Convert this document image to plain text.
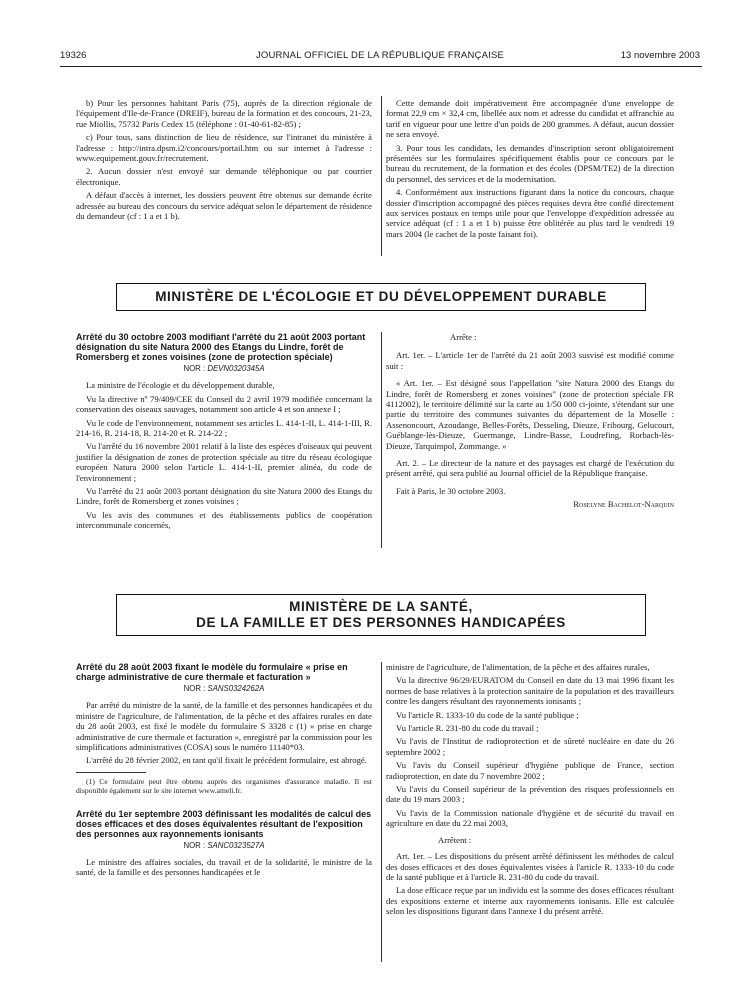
19326	JOURNAL OFFICIEL DE LA RÉPUBLIQUE FRANÇAISE	13 novembre 2003

b) Pour les personnes habitant Paris (75), auprès de la direction régionale de l'équipement d'Ile-de-France (DREIF), bureau de la formation et des concours, 21-23, rue Miollis, 75732 Paris Cedex 15 (téléphone : 01-40-61-82-85) ;

c) Pour tous, sans distinction de lieu de résidence, sur l'intranet du ministère à l'adresse : http://intra.dpsm.i2/concours/portail.htm ou sur internet à l'adresse : www.equipement.gouv.fr/recrutement.

2. Aucun dossier n'est envoyé sur demande téléphonique ou par courrier électronique.

A défaut d'accès à internet, les dossiers peuvent être obtenus sur demande écrite adressée au bureau des concours du service adéquat selon le département de résidence du demandeur (cf : 1 a et 1 b).

Cette demande doit impérativement être accompagnée d'une enveloppe de format 22,9 cm × 32,4 cm, libellée aux nom et adresse du candidat et affranchie au tarif en vigueur pour une lettre d'un poids de 200 grammes. A défaut, aucun dossier ne sera envoyé.

3. Pour tous les candidats, les demandes d'inscription seront obligatoirement présentées sur les formulaires spécifiquement établis pour ce concours par le bureau du recrutement, de la formation et des écoles (DPSM/TE2) de la direction du personnel, des services et de la modernisation.

4. Conformément aux instructions figurant dans la notice du concours, chaque dossier d'inscription accompagné des pièces requises devra être confié directement aux services postaux en temps utile pour que l'enveloppe d'expédition adressée au service adéquat (cf : 1 a et 1 b) puisse être oblitérée au plus tard le vendredi 19 mars 2004 (le cachet de la poste faisant foi).

MINISTÈRE DE L'ÉCOLOGIE ET DU DÉVELOPPEMENT DURABLE
Arrêté du 30 octobre 2003 modifiant l'arrêté du 21 août 2003 portant désignation du site Natura 2000 des Etangs du Lindre, forêt de Romersberg et zones voisines (zone de protection spéciale)
NOR : DEVN0320345A

La ministre de l'écologie et du développement durable,

Vu la directive nº 79/409/CEE du Conseil du 2 avril 1979 modifiée concernant la conservation des oiseaux sauvages, notamment son article 4 et son annexe I ;

Vu le code de l'environnement, notamment ses articles L. 414-1-II, L. 414-1-III, R. 214-16, R. 214-18, R. 214-20 et R. 214-22 ;

Vu l'arrêté du 16 novembre 2001 relatif à la liste des espèces d'oiseaux qui peuvent justifier la désignation de zones de protection spéciale au titre du réseau écologique européen Natura 2000 selon l'article L. 414-1-II, premier alinéa, du code de l'environnement ;

Vu l'arrêté du 21 août 2003 portant désignation du site Natura 2000 des Etangs du Lindre, forêt de Romersberg et zones voisines ;

Vu les avis des communes et des établissements publics de coopération intercommunale concernés,

Arrête :

Art. 1er. – L'article 1er de l'arrêté du 21 août 2003 susvisé est modifié comme suit :

« Art. 1er. – Est désigné sous l'appellation "site Natura 2000 des Etangs du Lindre, forêt de Romersberg et zones voisines" (zone de protection spéciale FR 4112002), le territoire délimité sur la carte au 1/50 000 ci-jointe, s'étendant sur une partie du territoire des communes suivantes du département de la Moselle : Assenoncourt, Azoudange, Belles-Forêts, Desseling, Dieuze, Fribourg, Gelucourt, Guéblange-lès-Dieuze, Guermange, Lindre-Basse, Loudrefing, Rorbach-lès-Dieuze, Tarquimpol, Zommange. »

Art. 2. – Le directeur de la nature et des paysages est chargé de l'exécution du présent arrêté, qui sera publié au Journal officiel de la République française.

Fait à Paris, le 30 octobre 2003.

Roselyne Bachelot-Narquin
MINISTÈRE DE LA SANTÉ,
DE LA FAMILLE ET DES PERSONNES HANDICAPÉES
Arrêté du 28 août 2003 fixant le modèle du formulaire « prise en charge administrative de cure thermale et facturation »
NOR : SANS0324262A

Par arrêté du ministre de la santé, de la famille et des personnes handicapées et du ministre de l'agriculture, de l'alimentation, de la pêche et des affaires rurales en date du 28 août 2003, est fixé le modèle du formulaire S 3328 c (1) « prise en charge administrative de cure thermale et facturation », enregistré par la commission pour les simplifications administratives (COSA) sous le numéro 11140*03.

L'arrêté du 28 février 2002, en tant qu'il fixait le précédent formulaire, est abrogé.

(1) Ce formulaire peut être obtenu auprès des organismes d'assurance maladie. Il est disponible également sur le site internet www.ameli.fr.

Arrêté du 1er septembre 2003 définissant les modalités de calcul des doses efficaces et des doses équivalentes résultant de l'exposition des personnes aux rayonnements ionisants
NOR : SANC0323527A

Le ministre des affaires sociales, du travail et de la solidarité, le ministre de la santé, de la famille et des personnes handicapées et le

ministre de l'agriculture, de l'alimentation, de la pêche et des affaires rurales,

Vu la directive 96/29/EURATOM du Conseil en date du 13 mai 1996 fixant les normes de base relatives à la protection sanitaire de la population et des travailleurs contre les dangers résultant des rayonnements ionisants ;

Vu l'article R. 1333-10 du code de la santé publique ;

Vu l'article R. 231-80 du code du travail ;

Vu l'avis de l'Institut de radioprotection et de sûreté nucléaire en date du 26 septembre 2002 ;

Vu l'avis du Conseil supérieur d'hygiène publique de France, section radioprotection, en date du 7 novembre 2002 ;

Vu l'avis du Conseil supérieur de la prévention des risques professionnels en date du 19 mars 2003 ;

Vu l'avis de la Commission nationale d'hygiène et de sécurité du travail en agriculture en date du 22 mai 2003,

Arrêtent :

Art. 1er. – Les dispositions du présent arrêté définissent les méthodes de calcul des doses efficaces et des doses équivalentes visées à l'article R. 1333-10 du code de la santé publique et à l'article R. 231-80 du code du travail.

La dose efficace reçue par un individu est la somme des doses efficaces résultant des expositions externe et interne aux rayonnements ionisants. Elle est calculée selon les dispositions figurant dans l'annexe I du présent arrêté.
